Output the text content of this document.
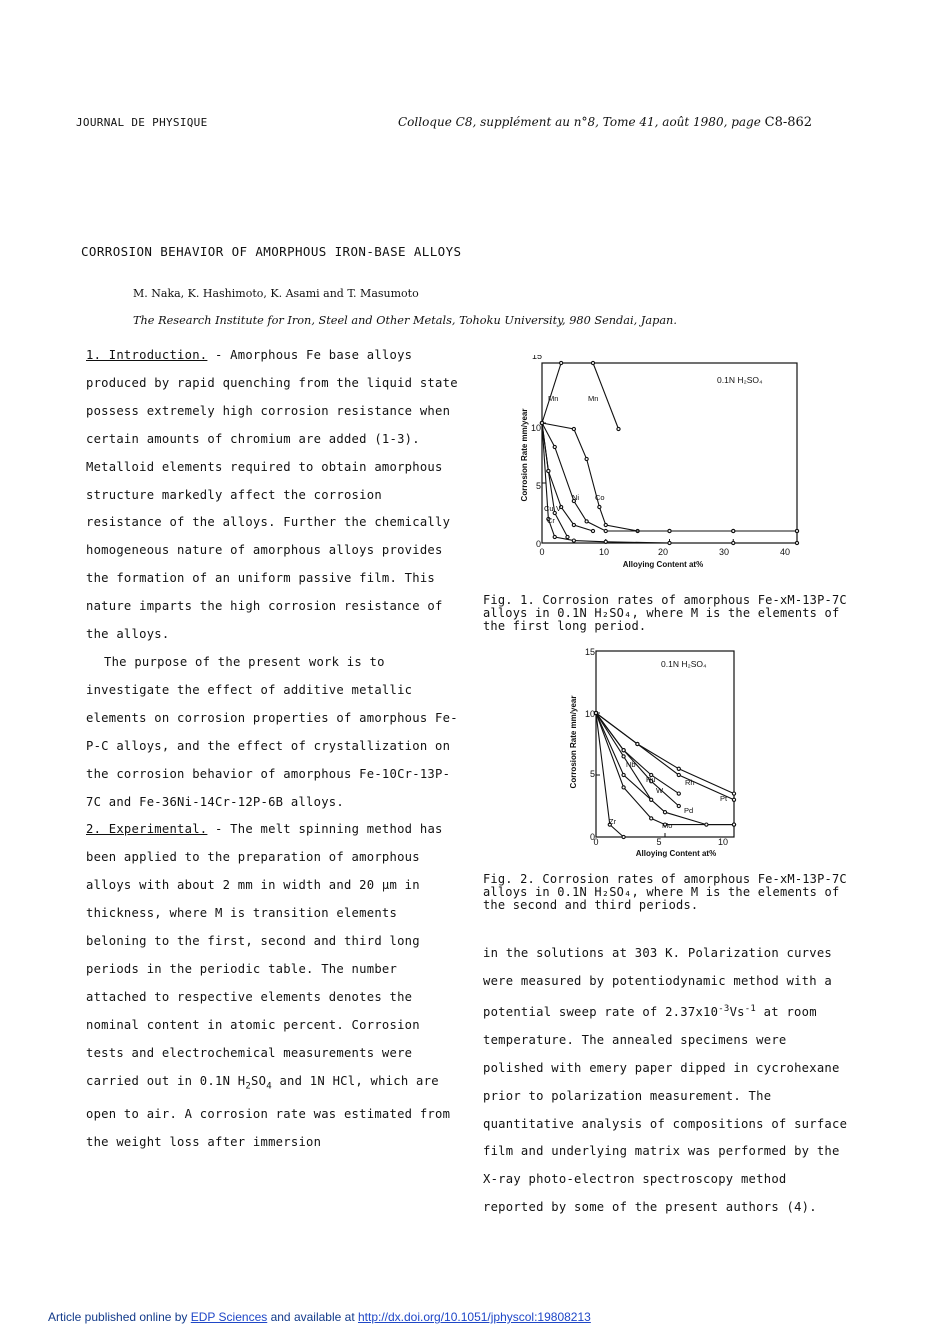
JOURNAL DE PHYSIQUE	Colloque C8, supplément au n°8, Tome 41, août 1980, page C8-862
CORROSION BEHAVIOR OF AMORPHOUS IRON-BASE ALLOYS
M. Naka, K. Hashimoto, K. Asami and T. Masumoto
The Research Institute for Iron, Steel and Other Metals, Tohoku University, 980 Sendai, Japan.

1. Introduction. - Amorphous Fe base alloys produced by rapid quenching from the liquid state possess extremely high corrosion resistance when certain amounts of chromium are added (1-3). Metalloid elements required to obtain amorphous structure markedly affect the corrosion resistance of the alloys. Further the chemically homogeneous nature of amorphous alloys provides the formation of an uniform passive film. This nature imparts the high corrosion resistance of the alloys.

The purpose of the present work is to investigate the effect of additive metallic elements on corrosion properties of amorphous Fe-P-C alloys, and the effect of crystallization on the corrosion behavior of amorphous Fe-10Cr-13P-7C and Fe-36Ni-14Cr-12P-6B alloys.

2. Experimental. - The melt spinning method has been applied to the preparation of amorphous alloys with about 2 mm in width and 20 µm in thickness, where M is transition elements beloning to the first, second and third long periods in the periodic table. The number attached to respective elements denotes the nominal content in atomic percent. Corrosion tests and electrochemical measurements were carried out in 0.1N $H_2SO_4$ and 1N HCl, which are open to air. A corrosion rate was estimated from the weight loss after immersion

15
10
5
0
0	10	20	30	40
Alloying Content at%
Corrosion Rate mm/year
0.1N H₂SO₄
Mn	Mn
Ni Co
Cu V
Cr
Fig. 1. Corrosion rates of amorphous Fe-xM-13P-7C alloys in 0.1N H₂SO₄, where M is the elements of the first long period.
15
10
5
0
0	5	10
Alloying Content at%
Corrosion Rate mm/year
0.1N H₂SO₄
Nb
Ru	Rh
W
Pt
Pd
Mo
Zr
Fig. 2. Corrosion rates of amorphous Fe-xM-13P-7C alloys in 0.1N H₂SO₄, where M is the elements of the second and third periods.

in the solutions at 303 K. Polarization curves were measured by potentiodynamic method with a potential sweep rate of $2.37x10^{-3}Vs^{-1}$ at room temperature. The annealed specimens were polished with emery paper dipped in cycrohexane prior to polarization measurement. The quantitative analysis of compositions of surface film and underlying matrix was performed by the X-ray photo-electron spectroscopy method reported by some of the present authors (4).

Article published online by EDP Sciences and available at http://dx.doi.org/10.1051/jphyscol:19808213
